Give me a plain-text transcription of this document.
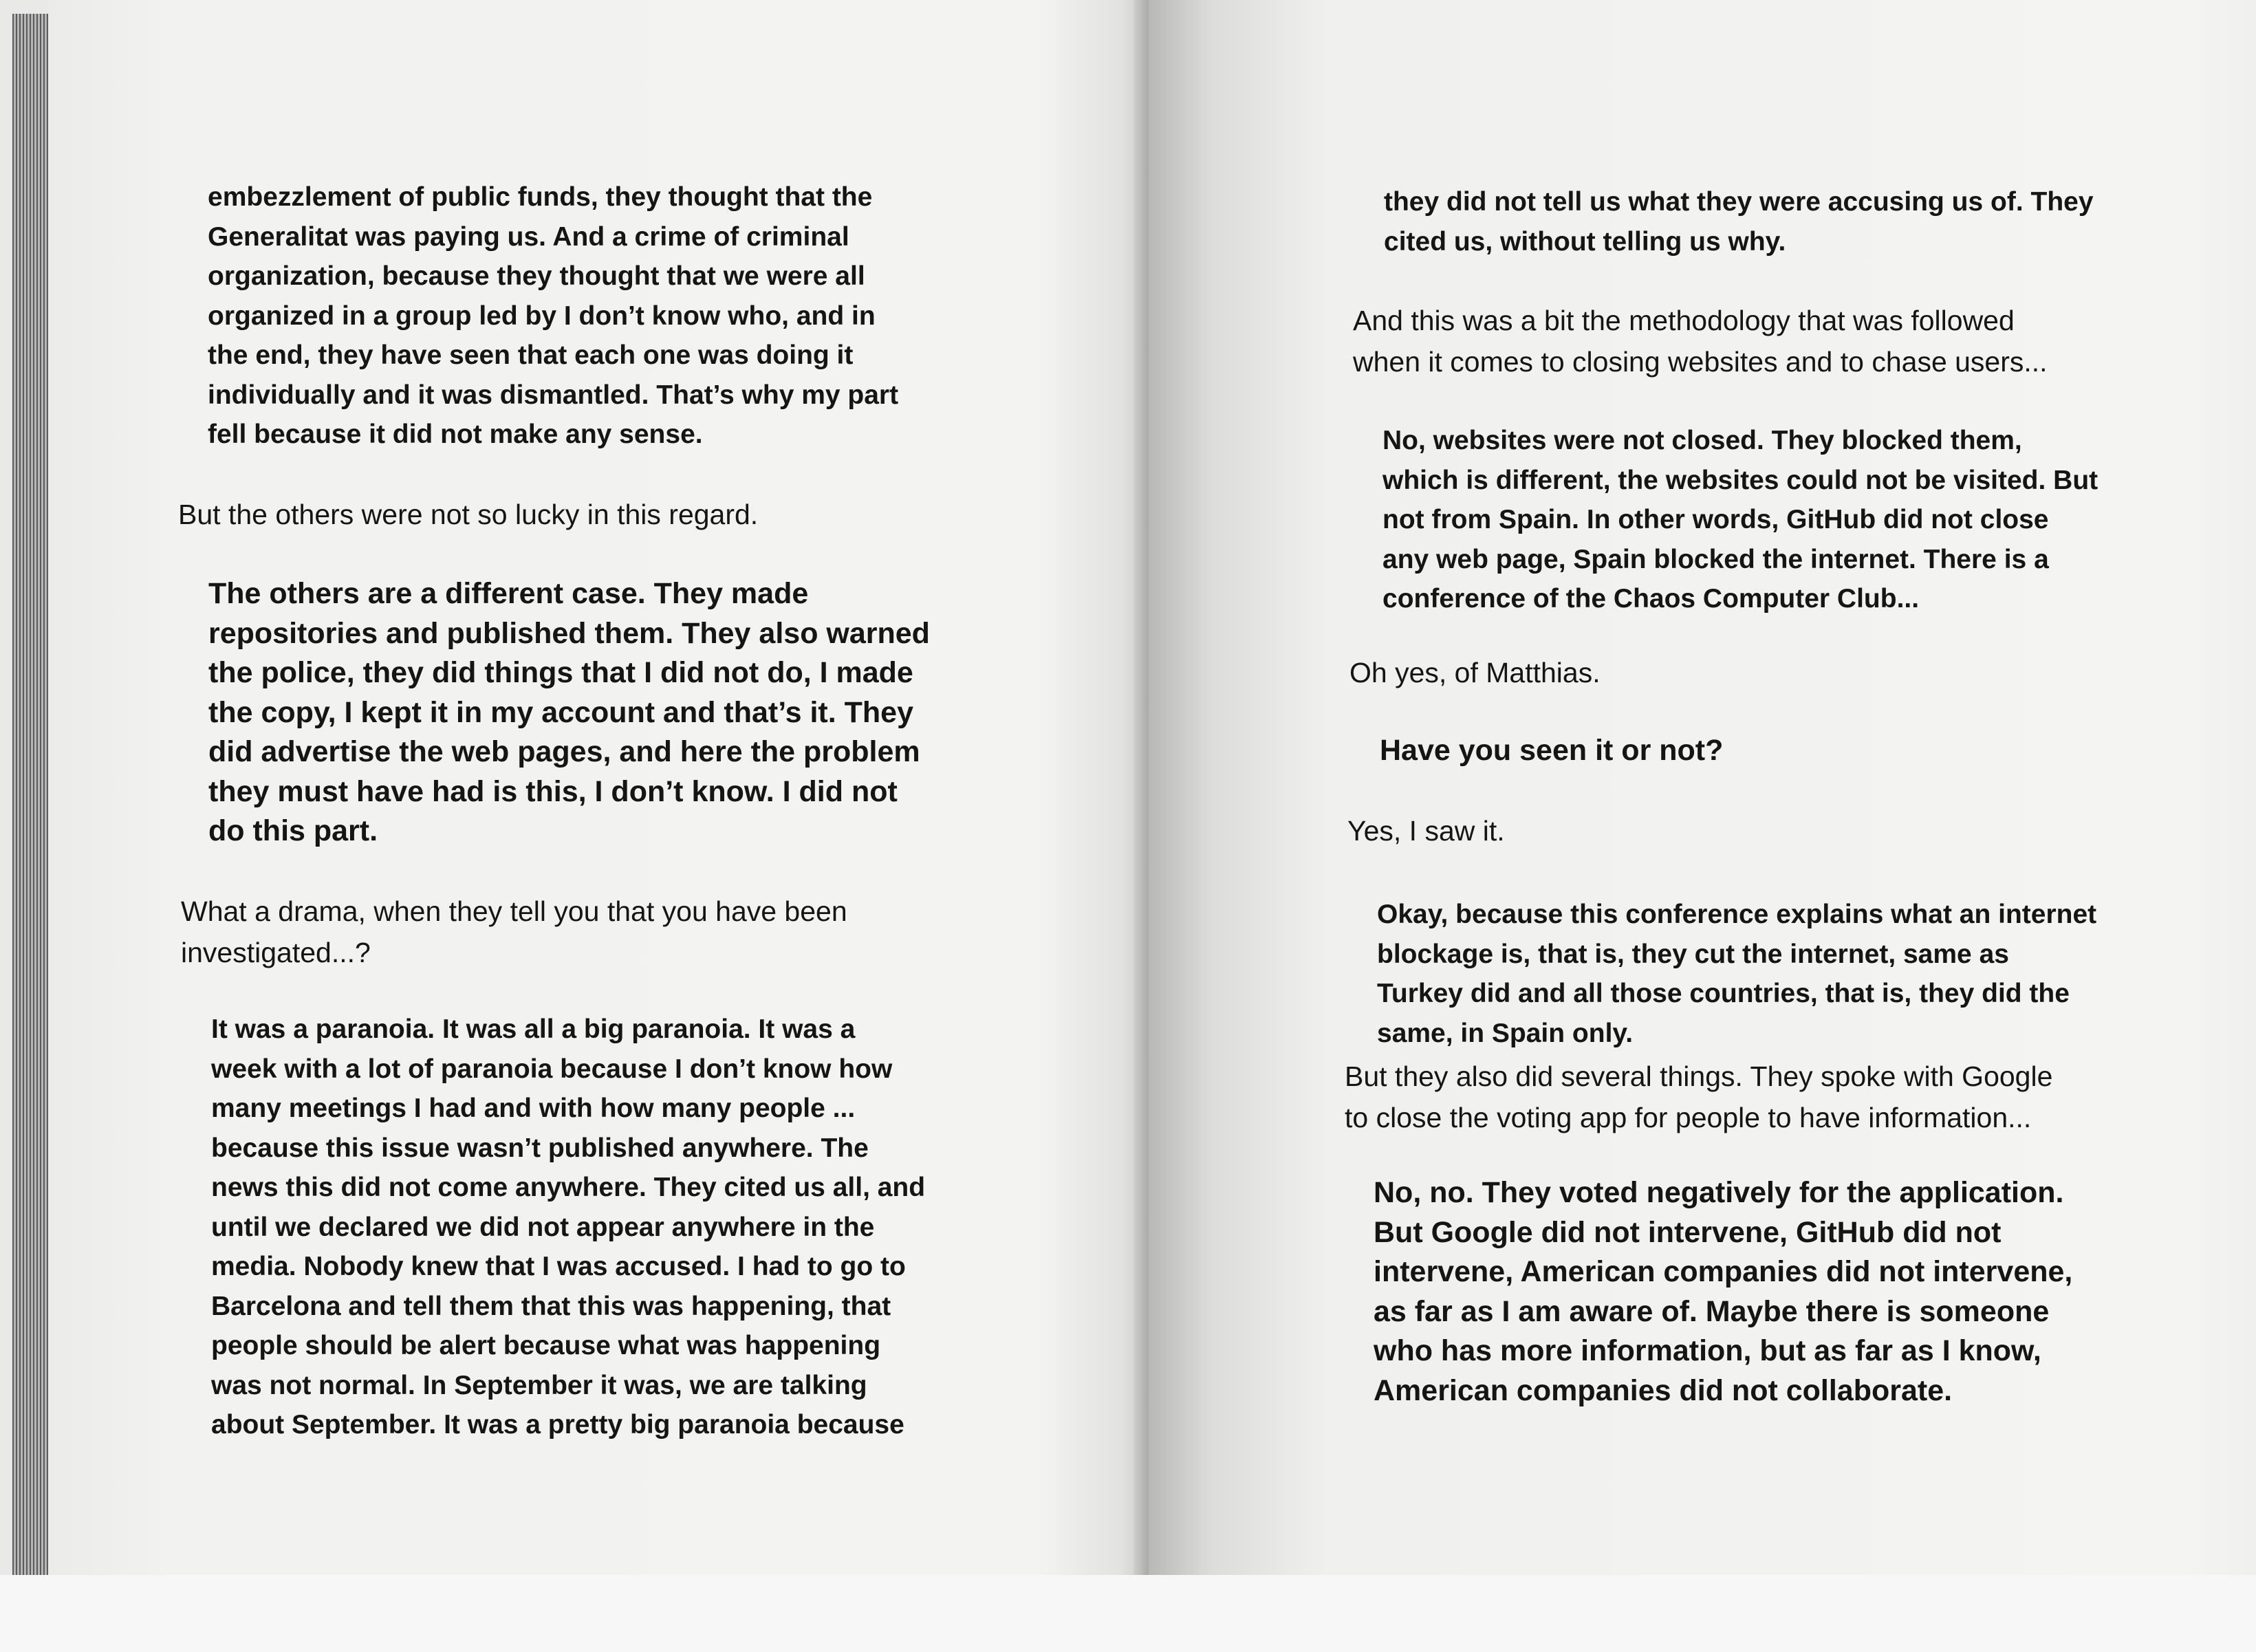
embezzlement of public funds, they thought that the
Generalitat was paying us. And a crime of criminal
organization, because they thought that we were all
organized in a group led by I don’t know who, and in
the end, they have seen that each one was doing it
individually and it was dismantled. That’s why my part
fell because it did not make any sense.
But the others were not so lucky in this regard.
The others are a different case. They made
repositories and published them. They also warned
the police, they did things that I did not do, I made
the copy, I kept it in my account and that’s it. They
did advertise the web pages, and here the problem
they must have had is this, I don’t know. I did not
do this part.
What a drama, when they tell you that you have been
investigated...?
It was a paranoia. It was all a big paranoia. It was a
week with a lot of paranoia because I don’t know how
many meetings I had and with how many people ...
because this issue wasn’t published anywhere. The
news this did not come anywhere. They cited us all, and
until we declared we did not appear anywhere in the
media. Nobody knew that I was accused. I had to go to
Barcelona and tell them that this was happening, that
people should be alert because what was happening
was not normal. In September it was, we are talking
about September. It was a pretty big paranoia because
they did not tell us what they were accusing us of. They
cited us, without telling us why.
And this was a bit the methodology that was followed
when it comes to closing websites and to chase users...
No, websites were not closed. They blocked them,
which is different, the websites could not be visited. But
not from Spain. In other words, GitHub did not close
any web page, Spain blocked the internet. There is a
conference of the Chaos Computer Club...
Oh yes, of Matthias.
Have you seen it or not?
Yes, I saw it.
Okay, because this conference explains what an internet
blockage is, that is, they cut the internet, same as
Turkey did and all those countries, that is, they did the
same, in Spain only.
But they also did several things. They spoke with Google
to close the voting app for people to have information...
No, no. They voted negatively for the application.
But Google did not intervene, GitHub did not
intervene, American companies did not intervene,
as far as I am aware of. Maybe there is someone
who has more information, but as far as I know,
American companies did not collaborate.
